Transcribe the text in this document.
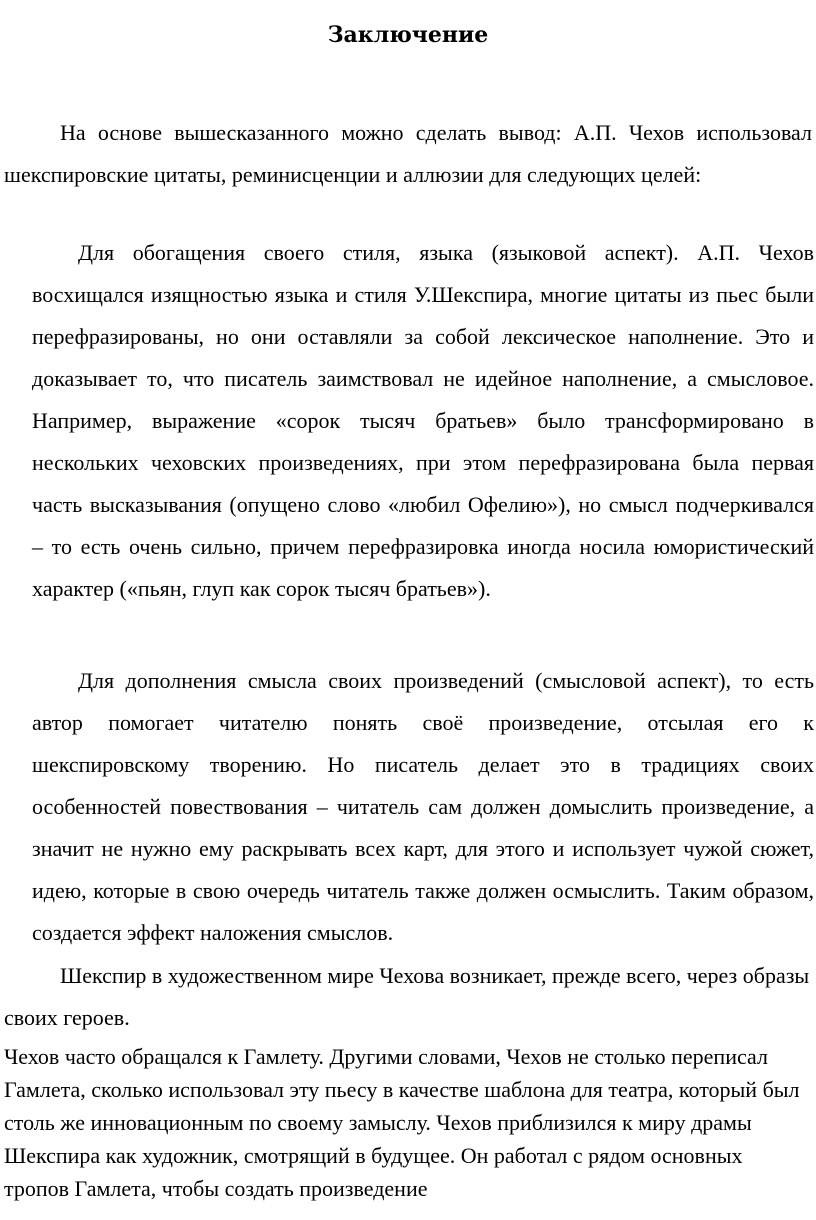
Заключение

На основе вышесказанного можно сделать вывод: А.П. Чехов использовал шекспировские цитаты, реминисценции и аллюзии для следующих целей:

Для обогащения своего стиля, языка (языковой аспект). А.П. Чехов восхищался изящностью языка и стиля У.Шекспира, многие цитаты из пьес были перефразированы, но они оставляли за собой лексическое наполнение. Это и доказывает то, что писатель заимствовал не идейное наполнение, а смысловое. Например, выражение «сорок тысяч братьев» было трансформировано в нескольких чеховских произведениях, при этом перефразирована была первая часть высказывания (опущено слово «любил Офелию»), но смысл подчеркивался – то есть очень сильно, причем перефразировка иногда носила юмористический характер («пьян, глуп как сорок тысяч братьев»).

Для дополнения смысла своих произведений (смысловой аспект), то есть автор помогает читателю понять своё произведение, отсылая его к шекспировскому творению. Но писатель делает это в традициях своих особенностей повествования – читатель сам должен домыслить произведение, а значит не нужно ему раскрывать всех карт, для этого и использует чужой сюжет, идею, которые в свою очередь читатель также должен осмыслить. Таким образом, создается эффект наложения смыслов.

Шекспир в художественном мире Чехова возникает, прежде всего, через образы своих героев.

Чехов часто обращался к Гамлету. Другими словами, Чехов не столько переписал Гамлета, сколько использовал эту пьесу в качестве шаблона для театра, который был столь же инновационным по своему замыслу. Чехов приблизился к миру драмы Шекспира как художник, смотрящий в будущее. Он работал с рядом основных тропов Гамлета, чтобы создать произведение
